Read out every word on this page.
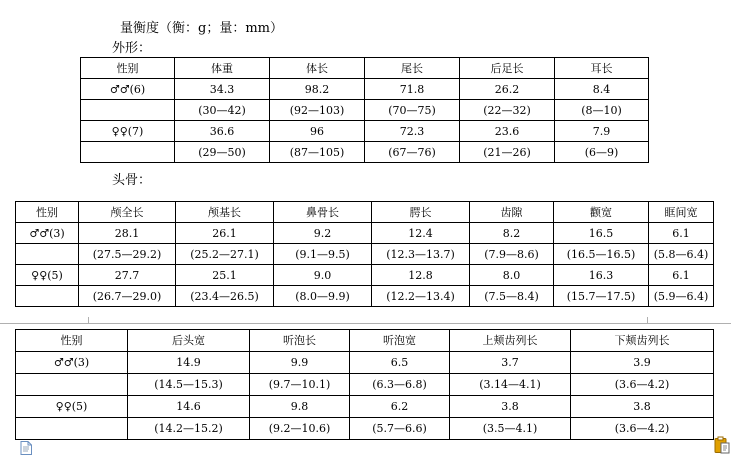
量衡度（衡：g；量：mm）
外形：
性别	体重	体长	尾长	后足长	耳长
♂♂(6)	34.3	98.2	71.8	26.2	8.4
	(30—42)	(92—103)	(70—75)	(22—32)	(8—10)
♀♀(7)	36.6	96	72.3	23.6	7.9
	(29—50)	(87—105)	(67—76)	(21—26)	(6—9)
头骨：
性别	颅全长	颅基长	鼻骨长	腭长	齿隙	颧宽	眶间宽
♂♂(3)	28.1	26.1	9.2	12.4	8.2	16.5	6.1
	(27.5—29.2)	(25.2—27.1)	(9.1—9.5)	(12.3—13.7)	(7.9—8.6)	(16.5—16.5)	(5.8—6.4)
♀♀(5)	27.7	25.1	9.0	12.8	8.0	16.3	6.1
	(26.7—29.0)	(23.4—26.5)	(8.0—9.9)	(12.2—13.4)	(7.5—8.4)	(15.7—17.5)	(5.9—6.4)
性别	后头宽	听泡长	听泡宽	上颊齿列长	下颊齿列长
♂♂(3)	14.9	9.9	6.5	3.7	3.9
	(14.5—15.3)	(9.7—10.1)	(6.3—6.8)	(3.14—4.1)	(3.6—4.2)
♀♀(5)	14.6	9.8	6.2	3.8	3.8
	(14.2—15.2)	(9.2—10.6)	(5.7—6.6)	(3.5—4.1)	(3.6—4.2)
